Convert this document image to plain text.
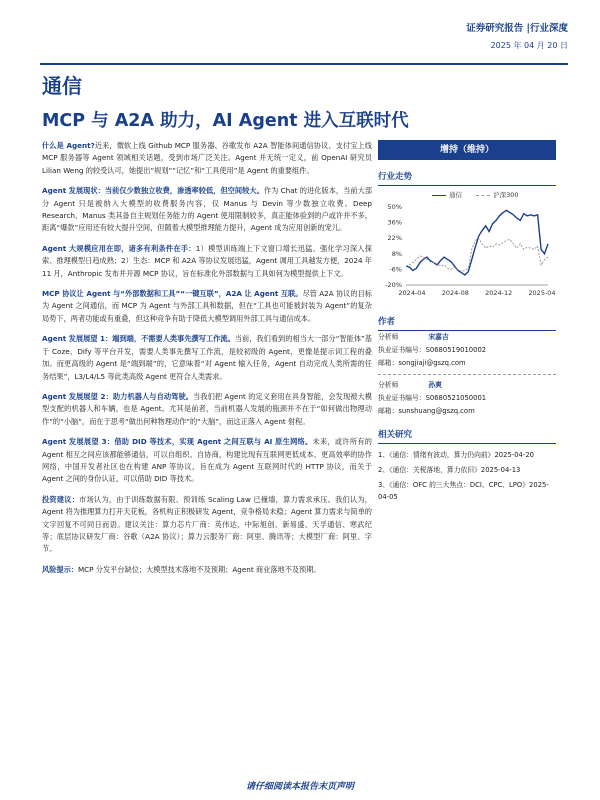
证券研究报告 |行业深度
2025 年 04 月 20 日
通信
MCP 与 A2A 助力，AI Agent 进入互联时代

什么是 Agent?近来，微软上线 Github MCP 服务器、谷歌发布 A2A 智能体间通信协议、支付宝上线 MCP 服务器等 Agent 领域相关话题，受到市场广泛关注。Agent 并无统一定义，前 OpenAI 研究员 Lilian Weng 的较受认可，她提出“规划”“记忆”和“工具使用”是 Agent 的重要组件。

Agent 发展现状：当前仅少数独立收费，渗透率较低，但空间较大。作为 Chat 的进化版本，当前大部分 Agent 只是被纳入大模型的收费服务内容，仅 Manus 与 Devin 等少数独立收费。Deep Research、Manus 类其备自主规划任务能力的 Agent 使用限制较多，真正能体验到的户或许并不多，距离“爆款”应用还有较大提升空间，但随着大模型推理能力提升，Agent 成为应用创新的宠儿。

Agent 大规模应用在即，诸多有利条件在手：1）模型训练端上下文窗口增长迅猛、强化学习深入探索、推理模型日趋成熟；2）生态：MCP 和 A2A 等协议发展迅猛，Agent 调用工具越发方便，2024 年 11 月，Anthropic 发布并开源 MCP 协议，旨在标准化外部数据与工具如何为模型提供上下文。

MCP 协议让 Agent 与“外部数据和工具”“一键互联”，A2A 让 Agent 互联。尽管 A2A 协议的目标为 Agent 之间通信，而 MCP 为 Agent 与外部工具和数据，但在“工具也可能被封装为 Agent”的复杂局势下，两者功能或有重叠，但这种竞争有助于降低大模型调用外部工具与通信成本。

Agent 发展展望 1：端到端，不需要人类事先撰写工作流。当前，我们看到的相当大一部分“智能体”基于 Coze、Dify 等平台开发，需要人类事先撰写工作流，是较初级的 Agent，更像是提示词工程的叠加。而更高级的 Agent 是“端到端”的，它意味着“对 Agent 输入任务，Agent 自动完成人类所需的任务结果”，L3/L4/L5 等此类高级 Agent 更符合人类需求。

Agent 发展展望 2：助力机器人与自动驾驶。当我们把 Agent 的定义套用在具身智能，会发现被大模型支配的机器人和车辆，也是 Agent。尤其是前者，当前机器人发展的瓶颈并不在于“如何做出物理动作”的“小脑”，而在于思考“做出何种物理动作”的“大脑”，而这正落入 Agent 射程。

Agent 发展展望 3：借助 DID 等技术，实现 Agent 之间互联与 AI 原生网络。未来，或许所有的 Agent 相互之间应该都能够通信，可以自组织、自协商，构建比现有互联网更低成本、更高效率的协作网络，中国开发者社区也在构建 ANP 等协议，旨在成为 Agent 互联网时代的 HTTP 协议，而关于 Agent 之间的身份认证，可以借助 DID 等技术。

投资建议：市场认为，由于训练数据有限、预训练 Scaling Law 已撞墙，算力需求承压。我们认为，Agent 将为推理算力打开天花板，各机构正积极研发 Agent，竞争格局未稳；Agent 算力需求与简单的文字回复不可同日而语。建议关注：算力芯片厂商：英伟达、中际旭创、新易盛、天孚通信、寒武纪等；底层协议研发厂商：谷歌（A2A 协议）；算力云服务厂商：阿里、腾讯等；大模型厂商：阿里、字节。

风险提示：MCP 分发平台缺位；大模型技术落地不及预期；Agent 商业落地不及预期。

增持（维持）
行业走势
通信	沪深300
50%
36%
22%
8%
-6%
-20%
2024-04 2024-08 2024-12 2025-04
作者
分析师	宋嘉吉
执业证书编号：S0680519010002
邮箱：songjiaji@gszq.com
分析师	孙爽
执业证书编号：S0680521050001
邮箱：sunshuang@gszq.com
相关研究
1、《通信：情绪有波动，算力仍向前》2025-04-20
2、《通信：关税落地，算力依旧》2025-04-13
3、《通信：OFC 的三大焦点：DCI、CPC、LPO》2025-04-05
请仔细阅读本报告末页声明
